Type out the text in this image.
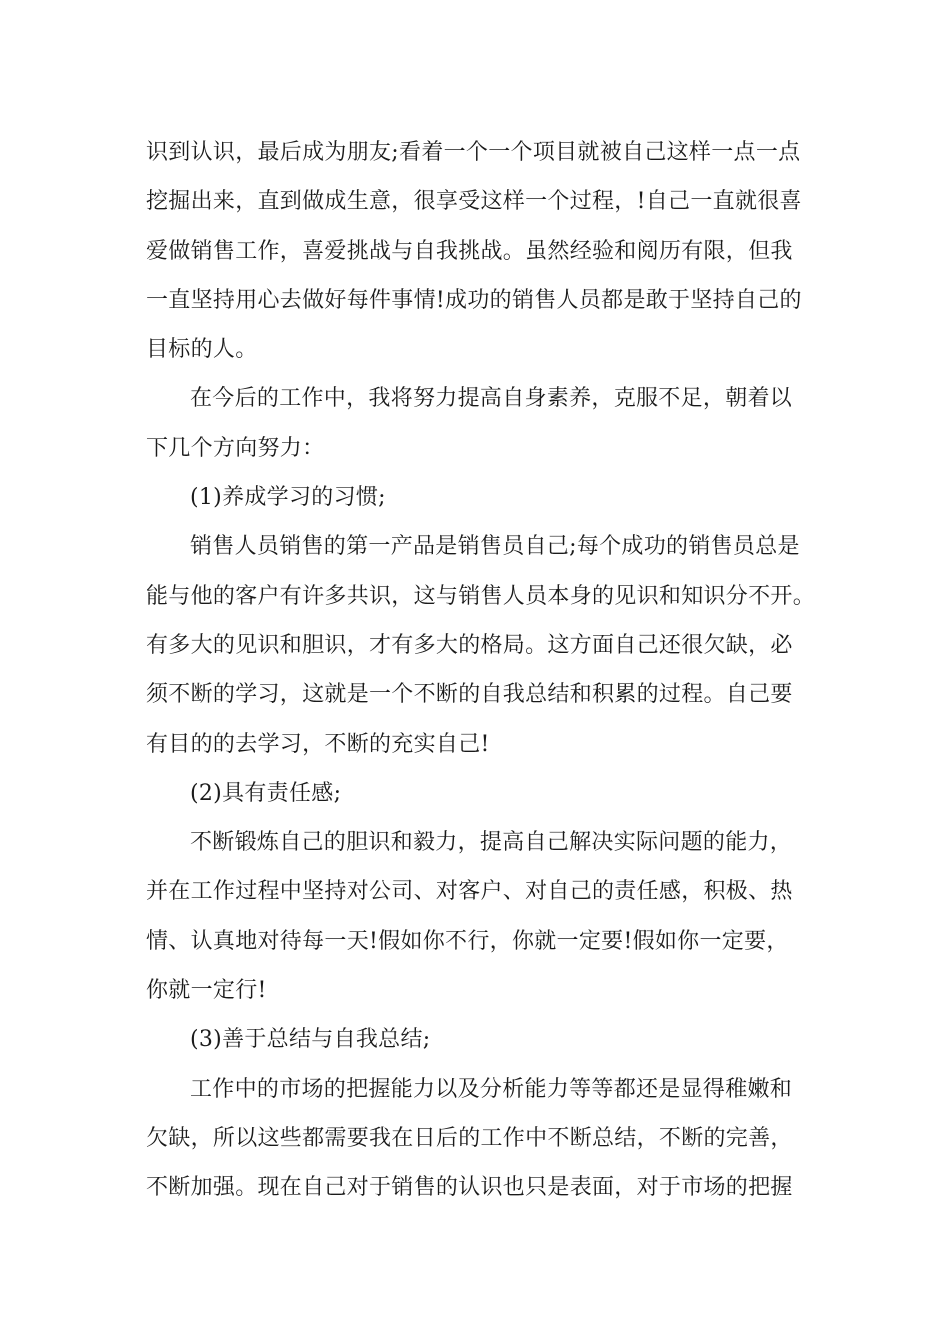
识到认识，最后成为朋友;看着一个一个项目就被自己这样一点一点
挖掘出来，直到做成生意，很享受这样一个过程，!自己一直就很喜
爱做销售工作，喜爱挑战与自我挑战。虽然经验和阅历有限，但我
一直坚持用心去做好每件事情!成功的销售人员都是敢于坚持自己的
目标的人。
在今后的工作中，我将努力提高自身素养，克服不足，朝着以
下几个方向努力：
(1)养成学习的习惯;
销售人员销售的第一产品是销售员自己;每个成功的销售员总是
能与他的客户有许多共识，这与销售人员本身的见识和知识分不开。
有多大的见识和胆识，才有多大的格局。这方面自己还很欠缺，必
须不断的学习，这就是一个不断的自我总结和积累的过程。自己要
有目的的去学习，不断的充实自己!
(2)具有责任感;
不断锻炼自己的胆识和毅力，提高自己解决实际问题的能力，
并在工作过程中坚持对公司、对客户、对自己的责任感，积极、热
情、认真地对待每一天!假如你不行，你就一定要!假如你一定要，
你就一定行!
(3)善于总结与自我总结;
工作中的市场的把握能力以及分析能力等等都还是显得稚嫩和
欠缺，所以这些都需要我在日后的工作中不断总结，不断的完善，
不断加强。现在自己对于销售的认识也只是表面，对于市场的把握
